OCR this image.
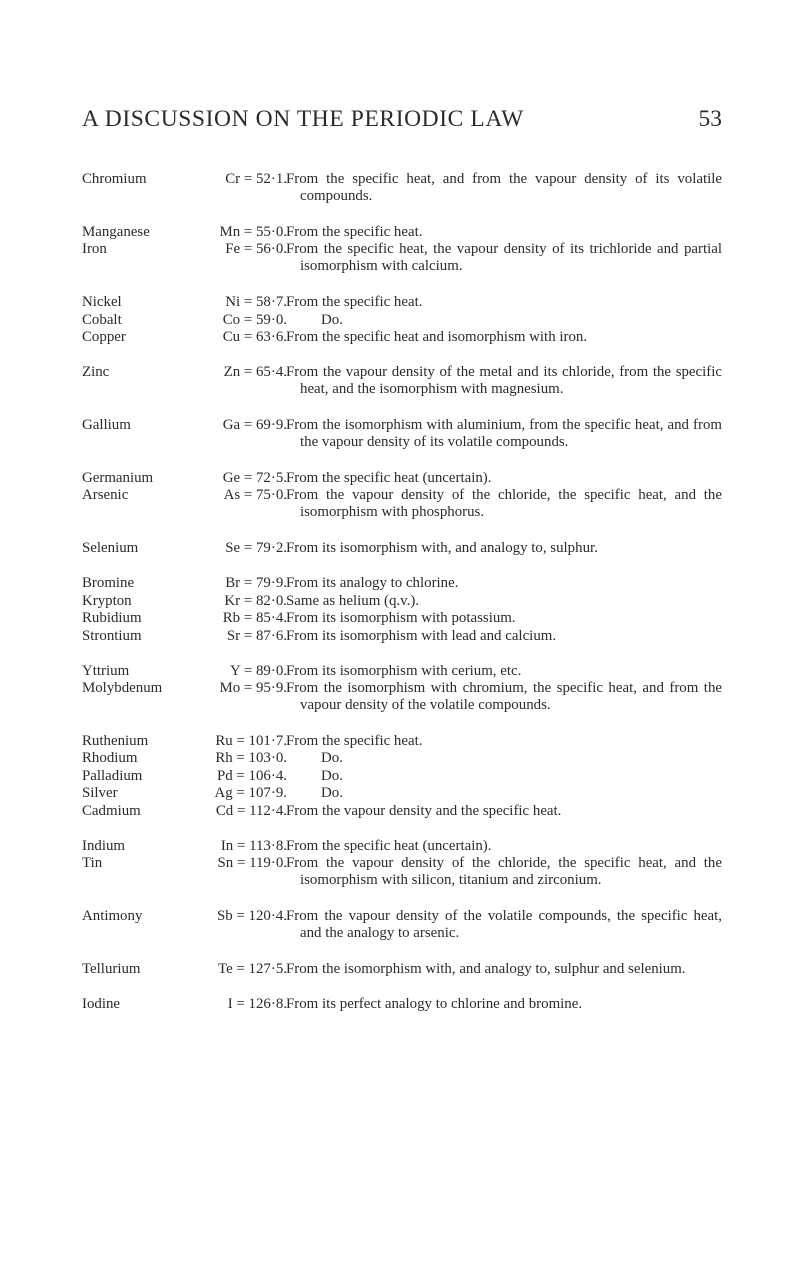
A DISCUSSION ON THE PERIODIC LAW	53
Chromium	Cr = 52·1. From the specific heat, and from the vapour density of its volatile compounds.
Manganese	Mn = 55·0. From the specific heat.
Iron	Fe = 56·0. From the specific heat, the vapour density of its trichloride and partial isomorphism with calcium.
Nickel	Ni = 58·7. From the specific heat.
Cobalt	Co = 59·0.	Do.
Copper	Cu = 63·6. From the specific heat and isomorphism with iron.
Zinc	Zn = 65·4. From the vapour density of the metal and its chloride, from the specific heat, and the isomorphism with magnesium.
Gallium	Ga = 69·9. From the isomorphism with aluminium, from the specific heat, and from the vapour density of its volatile compounds.
Germanium	Ge = 72·5. From the specific heat (uncertain).
Arsenic	As = 75·0. From the vapour density of the chloride, the specific heat, and the isomorphism with phosphorus.
Selenium	Se = 79·2. From its isomorphism with, and analogy to, sulphur.
Bromine	Br = 79·9. From its analogy to chlorine.
Krypton	Kr = 82·0. Same as helium (q.v.).
Rubidium	Rb = 85·4. From its isomorphism with potassium.
Strontium	Sr = 87·6. From its isomorphism with lead and calcium.
Yttrium	Y = 89·0. From its isomorphism with cerium, etc.
Molybdenum	Mo = 95·9. From the isomorphism with chromium, the specific heat, and from the vapour density of the volatile compounds.
Ruthenium	Ru = 101·7. From the specific heat.
Rhodium	Rh = 103·0.	Do.
Palladium	Pd = 106·4.	Do.
Silver	Ag = 107·9.	Do.
Cadmium	Cd = 112·4. From the vapour density and the specific heat.
Indium	In = 113·8. From the specific heat (uncertain).
Tin	Sn = 119·0. From the vapour density of the chloride, the specific heat, and the isomorphism with silicon, titanium and zirconium.
Antimony	Sb = 120·4. From the vapour density of the volatile compounds, the specific heat, and the analogy to arsenic.
Tellurium	Te = 127·5. From the isomorphism with, and analogy to, sulphur and selenium.
Iodine	I = 126·8. From its perfect analogy to chlorine and bromine.
